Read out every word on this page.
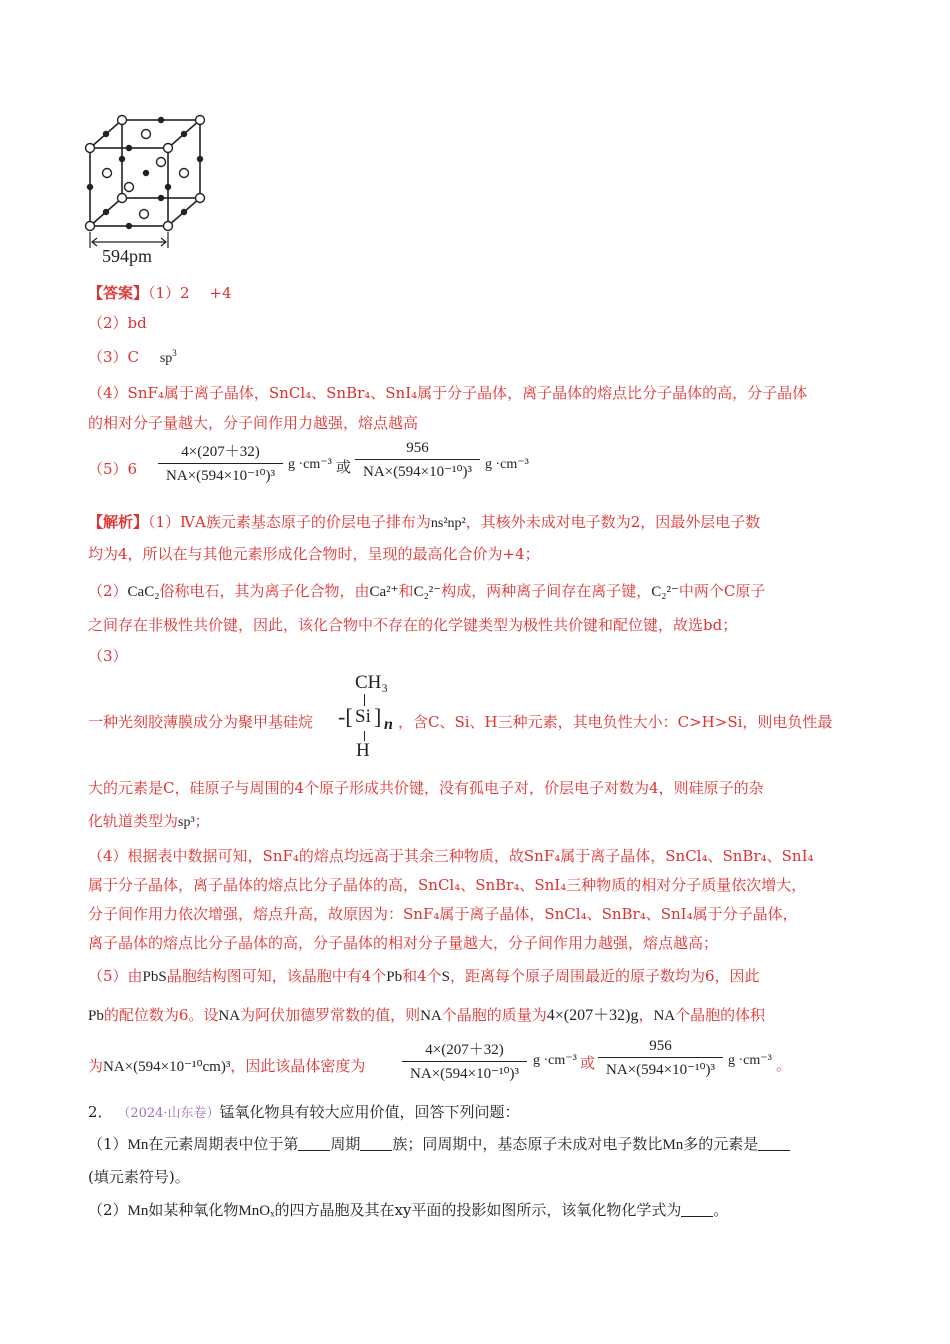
594pm
【答案】（1）2　 +4
（2）bd
（3）C $sp^3$
（4）SnF₄属于离子晶体，SnCl₄、SnBr₄、SnI₄属于分子晶体，离子晶体的熔点比分子晶体的高，分子晶体
的相对分子量越大，分子间作用力越强，熔点越高
（5）6
4×(207＋32)
NA×(594×10⁻¹⁰)³
g ·cm⁻³ 或
956
NA×(594×10⁻¹⁰)³ g ·cm⁻³
【解析】（1）ⅣA族元素基态原子的价层电子排布为ns²np²，其核外未成对电子数为2，因最外层电子数
均为4，所以在与其他元素形成化合物时，呈现的最高化合价为+4；
（2）CaC₂俗称电石，其为离子化合物，由Ca²⁺和C₂²⁻构成，两种离子间存在离子键，C₂²⁻中两个C原子
之间存在非极性共价键，因此，该化合物中不存在的化学键类型为极性共价键和配位键，故选bd；
（3）
CH₃
-[ Si ] n
H
一种光刻胶薄膜成分为聚甲基硅烷	，含C、Si、H三种元素，其电负性大小：C>H>Si，则电负性最
大的元素是C，硅原子与周围的4个原子形成共价键，没有孤电子对，价层电子对数为4，则硅原子的杂
化轨道类型为sp³；
（4）根据表中数据可知，SnF₄的熔点均远高于其余三种物质，故SnF₄属于离子晶体，SnCl₄、SnBr₄、SnI₄
属于分子晶体，离子晶体的熔点比分子晶体的高，SnCl₄、SnBr₄、SnI₄三种物质的相对分子质量依次增大，
分子间作用力依次增强，熔点升高，故原因为：SnF₄属于离子晶体，SnCl₄、SnBr₄、SnI₄属于分子晶体，
离子晶体的熔点比分子晶体的高，分子晶体的相对分子量越大，分子间作用力越强，熔点越高；
（5）由PbS晶胞结构图可知，该晶胞中有4个Pb和4个S，距离每个原子周围最近的原子数均为6，因此
Pb的配位数为6。设NA为阿伏加德罗常数的值，则NA个晶胞的质量为4×(207＋32)g，NA个晶胞的体积
为NA×(594×10⁻¹⁰cm)³，因此该晶体密度为
4×(207＋32)
NA×(594×10⁻¹⁰)³
g ·cm⁻³ 或
956
NA×(594×10⁻¹⁰)³
g ·cm⁻³ 。
2． （2024·山东卷）锰氧化物具有较大应用价值，回答下列问题：
（1）Mn在元素周期表中位于第 周期 族；同周期中，基态原子未成对电子数比Mn多的元素是
(填元素符号)。
（2）Mn如某种氧化物MnOₓ的四方晶胞及其在xy平面的投影如图所示，该氧化物化学式为 。
